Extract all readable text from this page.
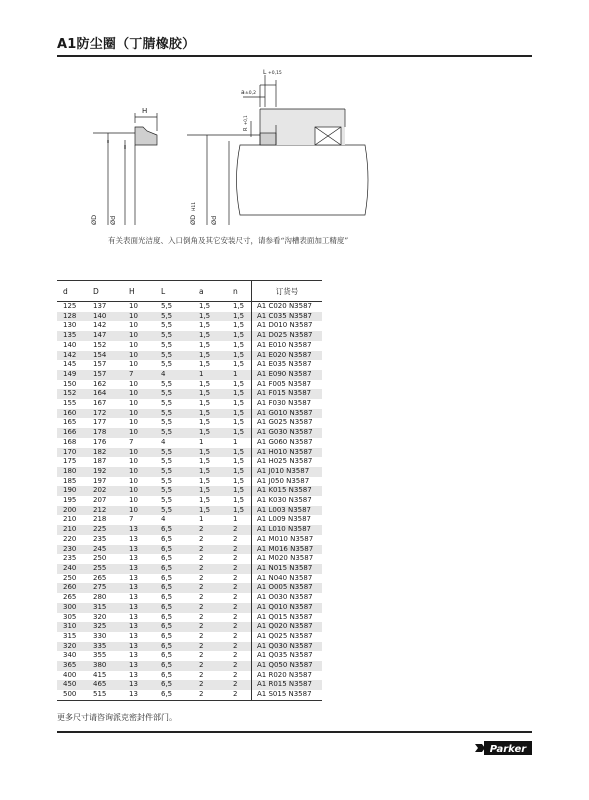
A1防尘圈（丁腈橡胶）
H
L +0,15
a ±0,2
R
+0,1
ØD Ød	ØD
H11
Ød
有关表面光洁度、入口倒角及其它安装尺寸，请参看“沟槽表面加工精度”
d	D	H	L	a	n	订货号
125	137	10	5,5	1,5	1,5	A1 C020 N3587
128	140	10	5,5	1,5	1,5	A1 C035 N3587
130	142	10	5,5	1,5	1,5	A1 D010 N3587
135	147	10	5,5	1,5	1,5	A1 D025 N3587
140	152	10	5,5	1,5	1,5	A1 E010 N3587
142	154	10	5,5	1,5	1,5	A1 E020 N3587
145	157	10	5,5	1,5	1,5	A1 E035 N3587
149	157	7	4	1	1	A1 E090 N3587
150	162	10	5,5	1,5	1,5	A1 F005 N3587
152	164	10	5,5	1,5	1,5	A1 F015 N3587
155	167	10	5,5	1,5	1,5	A1 F030 N3587
160	172	10	5,5	1,5	1,5	A1 G010 N3587
165	177	10	5,5	1,5	1,5	A1 G025 N3587
166	178	10	5,5	1,5	1,5	A1 G030 N3587
168	176	7	4	1	1	A1 G060 N3587
170	182	10	5,5	1,5	1,5	A1 H010 N3587
175	187	10	5,5	1,5	1,5	A1 H025 N3587
180	192	10	5,5	1,5	1,5	A1 J010 N3587
185	197	10	5,5	1,5	1,5	A1 J050 N3587
190	202	10	5,5	1,5	1,5	A1 K015 N3587
195	207	10	5,5	1,5	1,5	A1 K030 N3587
200	212	10	5,5	1,5	1,5	A1 L003 N3587
210	218	7	4	1	1	A1 L009 N3587
210	225	13	6,5	2	2	A1 L010 N3587
220	235	13	6,5	2	2	A1 M010 N3587
230	245	13	6,5	2	2	A1 M016 N3587
235	250	13	6,5	2	2	A1 M020 N3587
240	255	13	6,5	2	2	A1 N015 N3587
250	265	13	6,5	2	2	A1 N040 N3587
260	275	13	6,5	2	2	A1 O005 N3587
265	280	13	6,5	2	2	A1 O030 N3587
300	315	13	6,5	2	2	A1 Q010 N3587
305	320	13	6,5	2	2	A1 Q015 N3587
310	325	13	6,5	2	2	A1 Q020 N3587
315	330	13	6,5	2	2	A1 Q025 N3587
320	335	13	6,5	2	2	A1 Q030 N3587
340	355	13	6,5	2	2	A1 Q035 N3587
365	380	13	6,5	2	2	A1 Q050 N3587
400	415	13	6,5	2	2	A1 R020 N3587
450	465	13	6,5	2	2	A1 R015 N3587
500	515	13	6,5	2	2	A1 S015 N3587
更多尺寸请咨询派克密封件部门。
Parker
